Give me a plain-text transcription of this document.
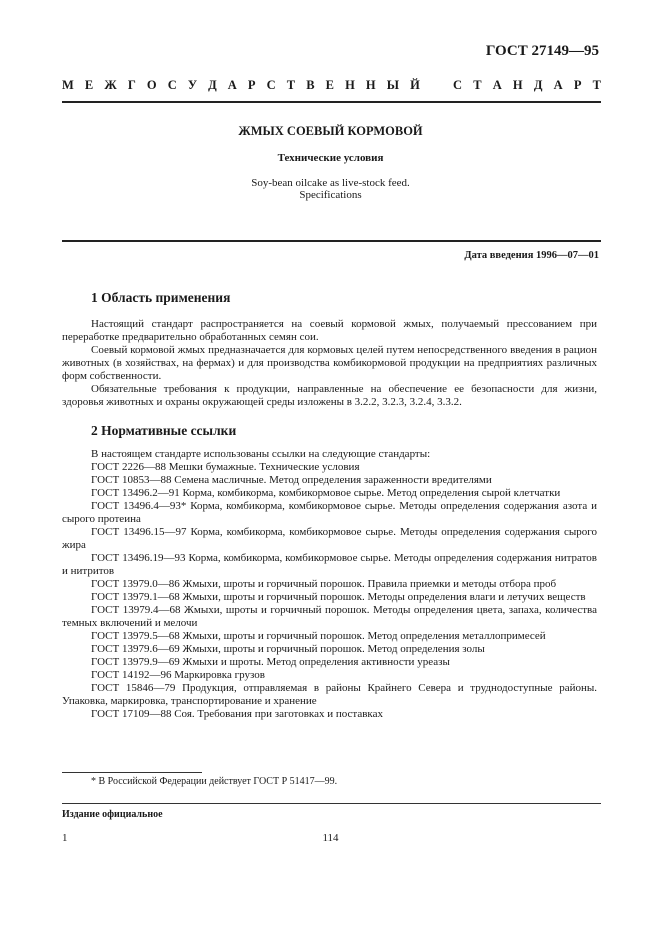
ГОСТ 27149—95
М Е Ж Г О С У Д А Р С Т В Е Н Н Ы Й	С Т А Н Д А Р Т
ЖМЫХ СОЕВЫЙ КОРМОВОЙ
Технические условия
Soy-bean oilcake as live-stock feed.
Specifications
Дата введения 1996—07—01
1 Область применения

Настоящий стандарт распространяется на соевый кормовой жмых, получаемый прессованием при переработке предварительно обработанных семян сои.

Соевый кормовой жмых предназначается для кормовых целей путем непосредственного введения в рацион животных (в хозяйствах, на фермах) и для производства комбикормовой продукции на предприятиях различных форм собственности.

Обязательные требования к продукции, направленные на обеспечение ее безопасности для жизни, здоровья животных и охраны окружающей среды изложены в 3.2.2, 3.2.3, 3.2.4, 3.3.2.

2 Нормативные ссылки

В настоящем стандарте использованы ссылки на следующие стандарты:

ГОСТ 2226—88 Мешки бумажные. Технические условия

ГОСТ 10853—88 Семена масличные. Метод определения зараженности вредителями

ГОСТ 13496.2—91 Корма, комбикорма, комбикормовое сырье. Метод определения сырой клетчатки

ГОСТ 13496.4—93* Корма, комбикорма, комбикормовое сырье. Методы определения содержания азота и сырого протеина

ГОСТ 13496.15—97 Корма, комбикорма, комбикормовое сырье. Методы определения содержания сырого жира

ГОСТ 13496.19—93 Корма, комбикорма, комбикормовое сырье. Методы определения содержания нитратов и нитритов

ГОСТ 13979.0—86 Жмыхи, шроты и горчичный порошок. Правила приемки и методы отбора проб

ГОСТ 13979.1—68 Жмыхи, шроты и горчичный порошок. Методы определения влаги и летучих веществ

ГОСТ 13979.4—68 Жмыхи, шроты и горчичный порошок. Методы определения цвета, запаха, количества темных включений и мелочи

ГОСТ 13979.5—68 Жмыхи, шроты и горчичный порошок. Метод определения металлопримесей

ГОСТ 13979.6—69 Жмыхи, шроты и горчичный порошок. Метод определения золы

ГОСТ 13979.9—69 Жмыхи и шроты. Метод определения активности уреазы

ГОСТ 14192—96 Маркировка грузов

ГОСТ 15846—79 Продукция, отправляемая в районы Крайнего Севера и труднодоступные районы. Упаковка, маркировка, транспортирование и хранение

ГОСТ 17109—88 Соя. Требования при заготовках и поставках

* В Российской Федерации действует ГОСТ Р 51417—99.
Издание официальное
1	114
